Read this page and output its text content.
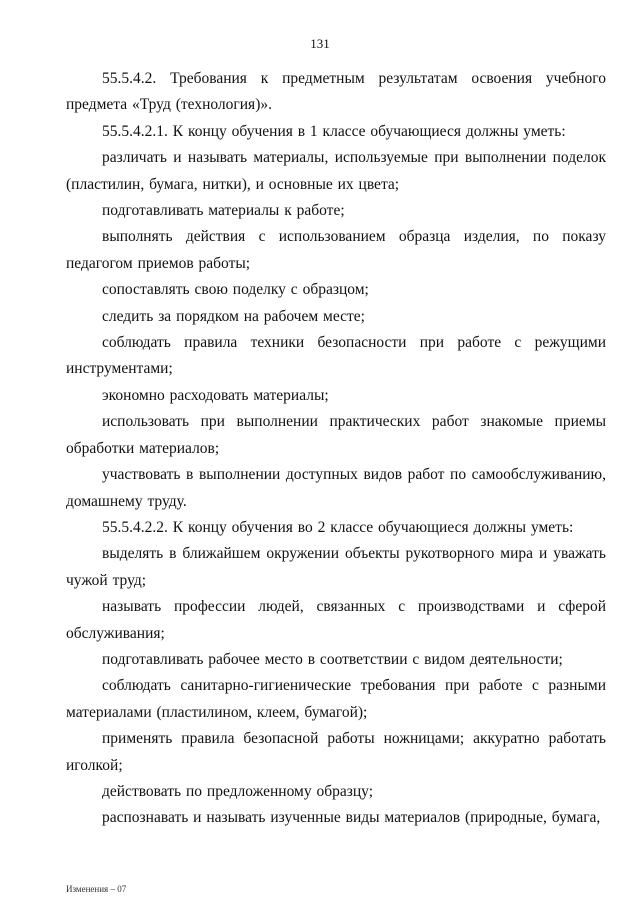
131

55.5.4.2. Требования к предметным результатам освоения учебного предмета «Труд (технология)».

55.5.4.2.1. К концу обучения в 1 классе обучающиеся должны уметь:

различать и называть материалы, используемые при выполнении поделок (пластилин, бумага, нитки), и основные их цвета;

подготавливать материалы к работе;

выполнять действия с использованием образца изделия, по показу педагогом приемов работы;

сопоставлять свою поделку с образцом;

следить за порядком на рабочем месте;

соблюдать правила техники безопасности при работе с режущими инструментами;

экономно расходовать материалы;

использовать при выполнении практических работ знакомые приемы обработки материалов;

участвовать в выполнении доступных видов работ по самообслуживанию, домашнему труду.

55.5.4.2.2. К концу обучения во 2 классе обучающиеся должны уметь:

выделять в ближайшем окружении объекты рукотворного мира и уважать чужой труд;

называть профессии людей, связанных с производствами и сферой обслуживания;

подготавливать рабочее место в соответствии с видом деятельности;

соблюдать санитарно-гигиенические требования при работе с разными материалами (пластилином, клеем, бумагой);

применять правила безопасной работы ножницами; аккуратно работать иголкой;

действовать по предложенному образцу;

распознавать и называть изученные виды материалов (природные, бумага,

Изменения – 07
